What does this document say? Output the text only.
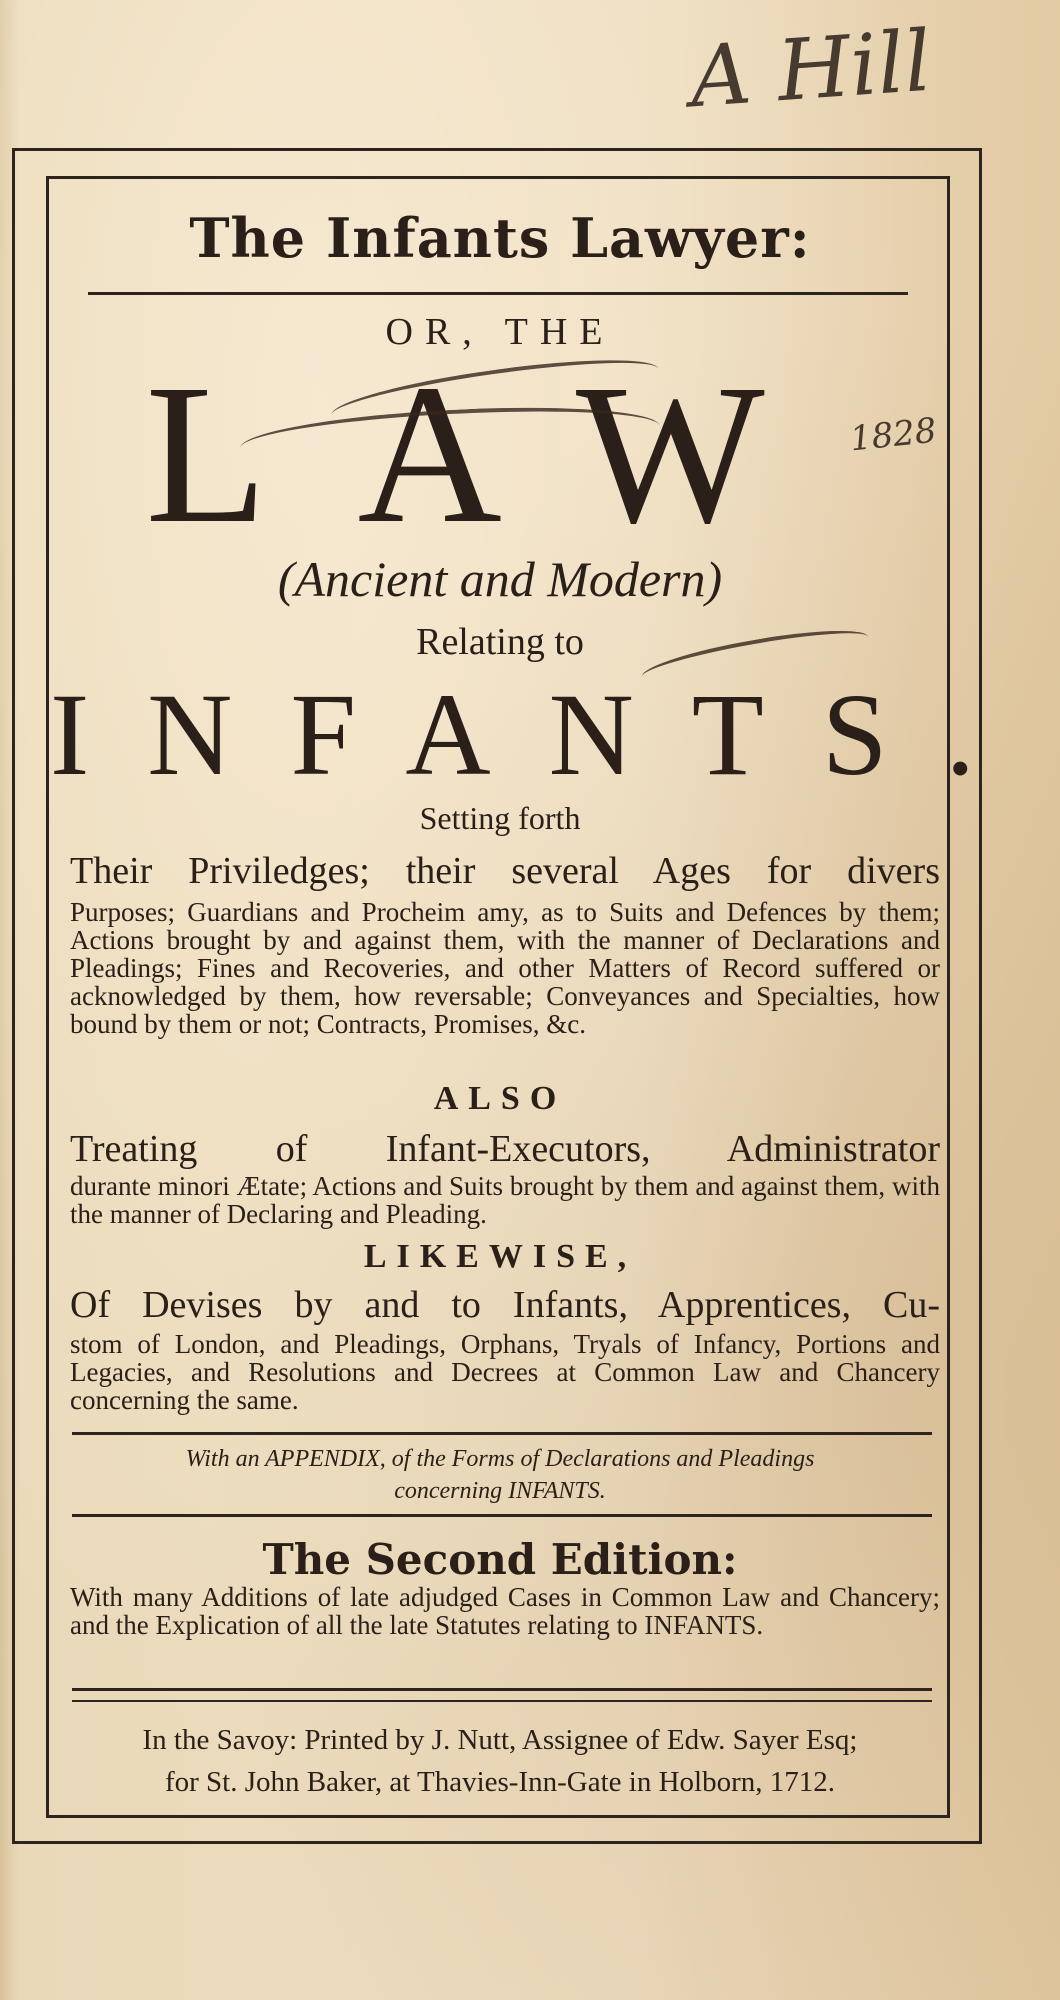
A Hill
1828
The Infants Lawyer:
OR, THE
LAW
(Ancient and Modern)
Relating to
INFANTS.
Setting forth
Their Priviledges; their several Ages for divers
Purposes; Guardians and Procheim amy, as to Suits and Defences by them; Actions brought by and against them, with the manner of Declarations and Pleadings; Fines and Recoveries, and other Matters of Record suffered or acknowledged by them, how reversable; Conveyances and Specialties, how bound by them or not; Contracts, Promises, &c.
ALSO
Treating of Infant-Executors, Administrator
durante minori Ætate; Actions and Suits brought by them and against them, with the manner of Declaring and Pleading.
LIKEWISE,
Of Devises by and to Infants, Apprentices, Cu-
stom of London, and Pleadings, Orphans, Tryals of Infancy, Portions and Legacies, and Resolutions and Decrees at Common Law and Chancery concerning the same.
With an APPENDIX, of the Forms of Declarations and Pleadings
concerning INFANTS.
The Second Edition:
With many Additions of late adjudged Cases in Common Law and Chancery; and the Explication of all the late Statutes relating to INFANTS.
In the Savoy: Printed by J. Nutt, Assignee of Edw. Sayer Esq;
for St. John Baker, at Thavies-Inn-Gate in Holborn, 1712.
